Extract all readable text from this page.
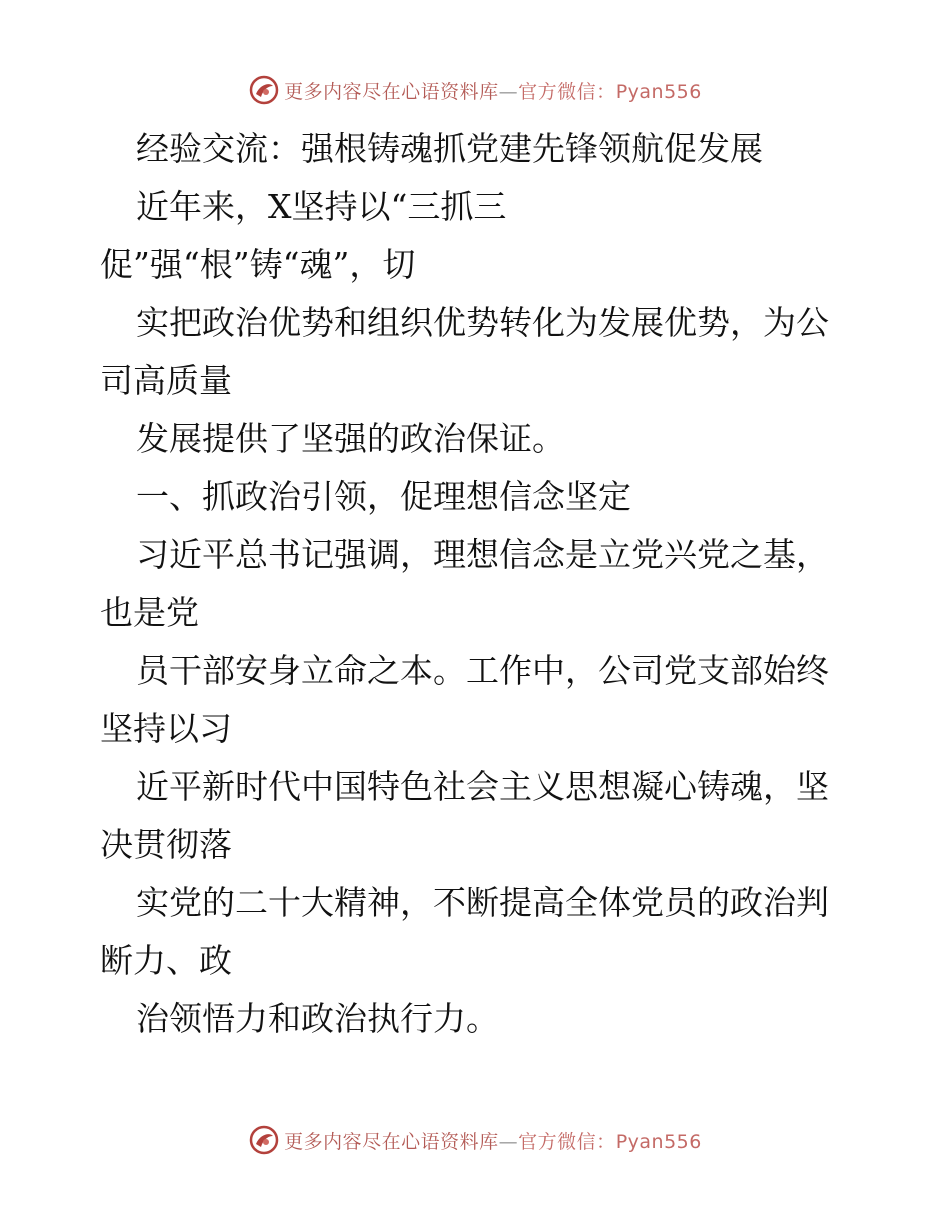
更多内容尽在心语资料库—官方微信：Pyan556
经验交流：强根铸魂抓党建先锋领航促发展
近年来，X坚持以“三抓三
促”强“根”铸“魂”，切
实把政治优势和组织优势转化为发展优势，为公
司高质量
发展提供了坚强的政治保证。
一、抓政治引领，促理想信念坚定
习近平总书记强调，理想信念是立党兴党之基，
也是党
员干部安身立命之本。工作中，公司党支部始终
坚持以习
近平新时代中国特色社会主义思想凝心铸魂，坚
决贯彻落
实党的二十大精神，不断提高全体党员的政治判
断力、政
治领悟力和政治执行力。
更多内容尽在心语资料库—官方微信：Pyan556
